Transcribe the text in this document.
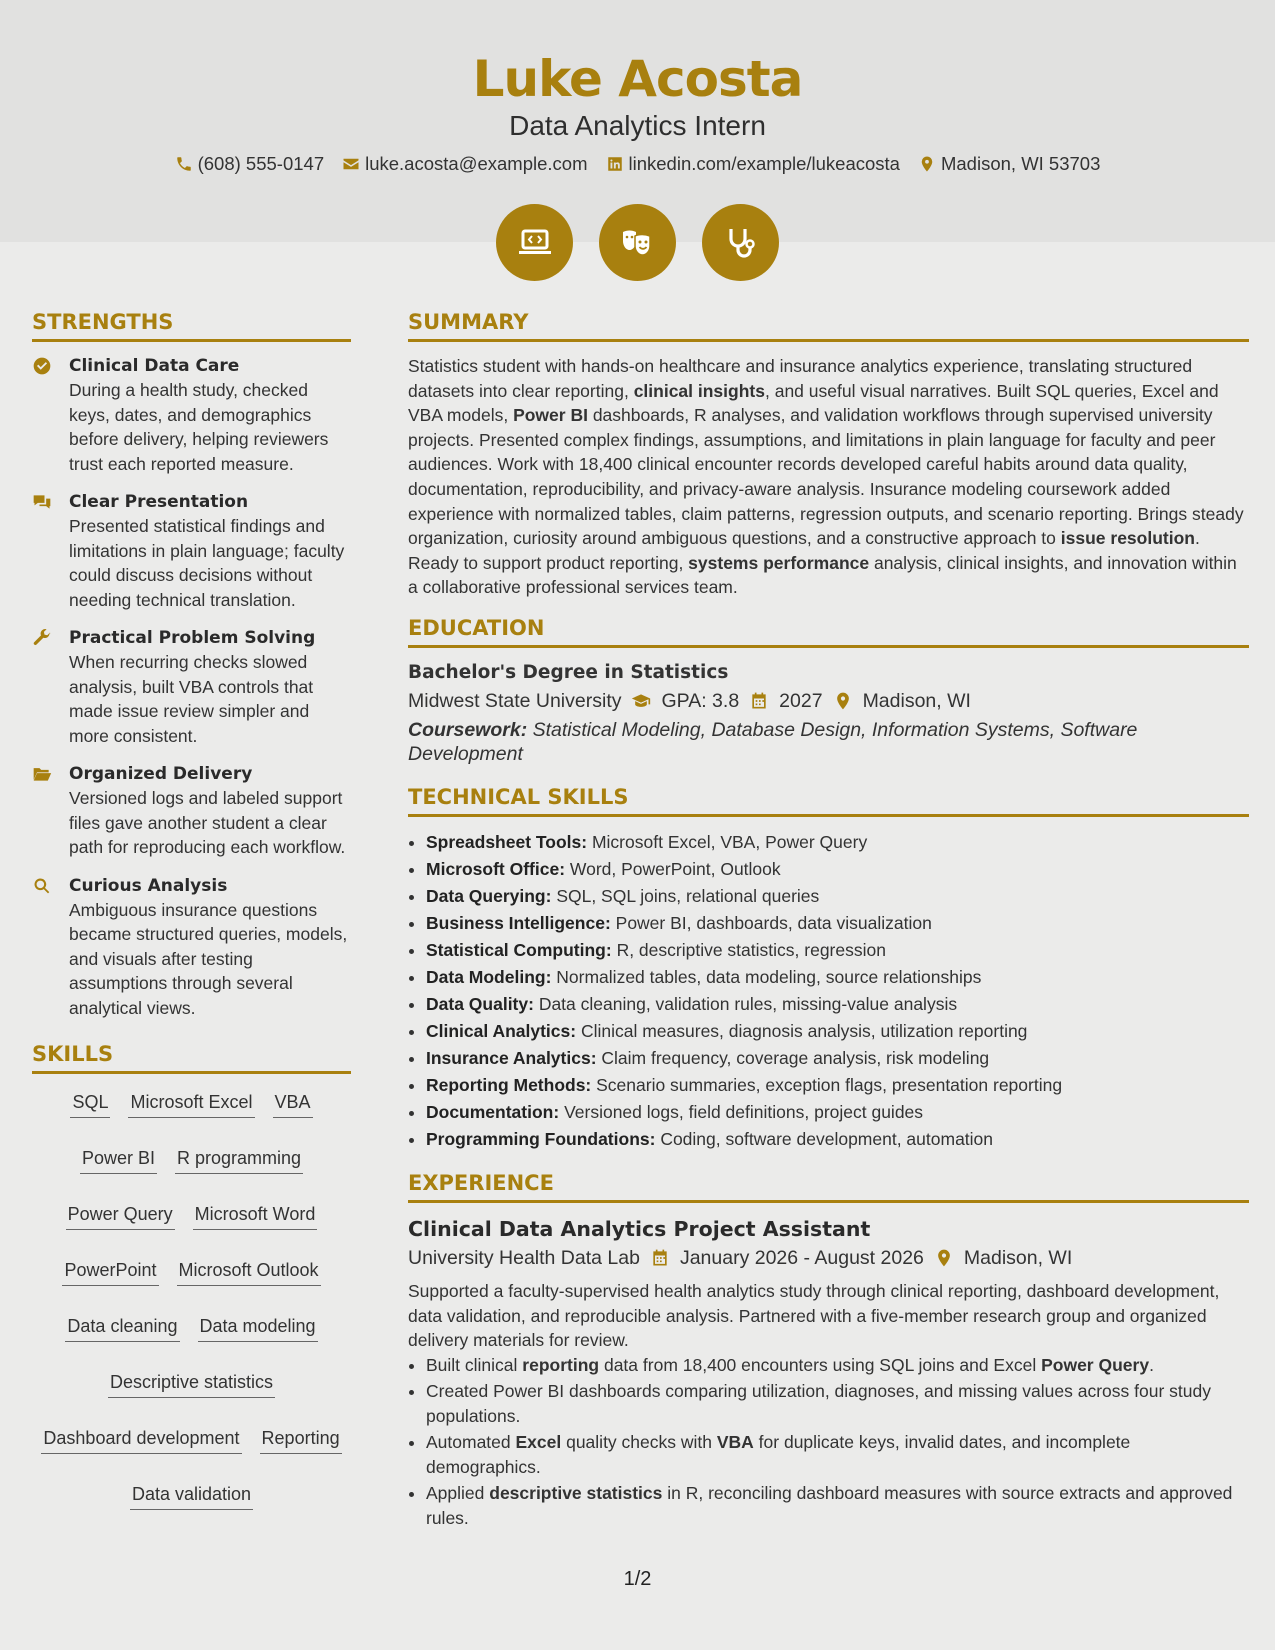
Luke Acosta
Data Analytics Intern
(608) 555-0147 luke.acosta@example.com linkedin.com/example/lukeacosta Madison, WI 53703
STRENGTHS
Clinical Data Care
During a health study, checked keys, dates, and demographics before delivery, helping reviewers trust each reported measure.
Clear Presentation
Presented statistical findings and limitations in plain language; faculty could discuss decisions without needing technical translation.
Practical Problem Solving
When recurring checks slowed analysis, built VBA controls that made issue review simpler and more consistent.
Organized Delivery
Versioned logs and labeled support files gave another student a clear path for reproducing each workflow.
Curious Analysis
Ambiguous insurance questions became structured queries, models, and visuals after testing assumptions through several analytical views.
SKILLS
SQL Microsoft Excel VBA
Power BI R programming
Power Query Microsoft Word
PowerPoint Microsoft Outlook
Data cleaning Data modeling
Descriptive statistics
Dashboard development Reporting
Data validation
SUMMARY
Statistics student with hands-on healthcare and insurance analytics experience, translating structured datasets into clear reporting, clinical insights, and useful visual narratives. Built SQL queries, Excel and VBA models, Power BI dashboards, R analyses, and validation workflows through supervised university projects. Presented complex findings, assumptions, and limitations in plain language for faculty and peer audiences. Work with 18,400 clinical encounter records developed careful habits around data quality, documentation, reproducibility, and privacy-aware analysis. Insurance modeling coursework added experience with normalized tables, claim patterns, regression outputs, and scenario reporting. Brings steady organization, curiosity around ambiguous questions, and a constructive approach to issue resolution. Ready to support product reporting, systems performance analysis, clinical insights, and innovation within a collaborative professional services team.
EDUCATION
Bachelor's Degree in Statistics
Midwest State University GPA: 3.8 2027 Madison, WI
Coursework: Statistical Modeling, Database Design, Information Systems, Software Development
TECHNICAL SKILLS
• Spreadsheet Tools: Microsoft Excel, VBA, Power Query
• Microsoft Office: Word, PowerPoint, Outlook
• Data Querying: SQL, SQL joins, relational queries
• Business Intelligence: Power BI, dashboards, data visualization
• Statistical Computing: R, descriptive statistics, regression
• Data Modeling: Normalized tables, data modeling, source relationships
• Data Quality: Data cleaning, validation rules, missing-value analysis
• Clinical Analytics: Clinical measures, diagnosis analysis, utilization reporting
• Insurance Analytics: Claim frequency, coverage analysis, risk modeling
• Reporting Methods: Scenario summaries, exception flags, presentation reporting
• Documentation: Versioned logs, field definitions, project guides
• Programming Foundations: Coding, software development, automation
EXPERIENCE
Clinical Data Analytics Project Assistant
University Health Data Lab January 2026 - August 2026 Madison, WI
Supported a faculty-supervised health analytics study through clinical reporting, dashboard development, data validation, and reproducible analysis. Partnered with a five-member research group and organized delivery materials for review.
• Built clinical reporting data from 18,400 encounters using SQL joins and Excel Power Query.
• Created Power BI dashboards comparing utilization, diagnoses, and missing values across four study populations.
• Automated Excel quality checks with VBA for duplicate keys, invalid dates, and incomplete demographics.
• Applied descriptive statistics in R, reconciling dashboard measures with source extracts and approved rules.
1/2
